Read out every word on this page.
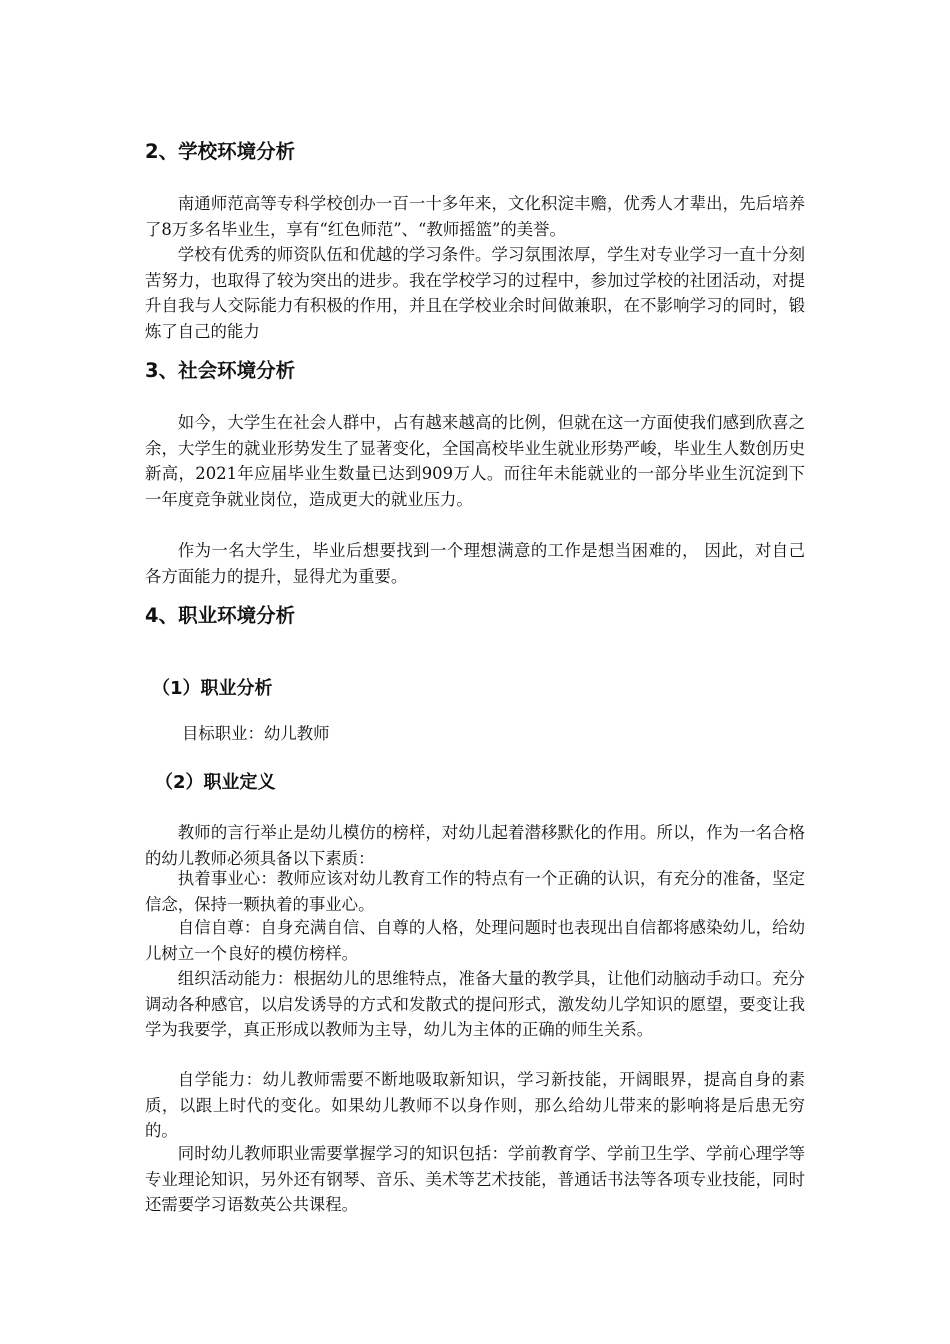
2、学校环境分析

南通师范高等专科学校创办一百一十多年来，文化积淀丰赡，优秀人才辈出，先后培养了8万多名毕业生，享有“红色师范”、“教师摇篮”的美誉。

学校有优秀的师资队伍和优越的学习条件。学习氛围浓厚，学生对专业学习一直十分刻苦努力，也取得了较为突出的进步。我在学校学习的过程中，参加过学校的社团活动，对提升自我与人交际能力有积极的作用，并且在学校业余时间做兼职，在不影响学习的同时，锻炼了自己的能力

3、社会环境分析

如今，大学生在社会人群中，占有越来越高的比例，但就在这一方面使我们感到欣喜之余，大学生的就业形势发生了显著变化，全国高校毕业生就业形势严峻，毕业生人数创历史新高，2021年应届毕业生数量已达到909万人。而往年未能就业的一部分毕业生沉淀到下一年度竞争就业岗位，造成更大的就业压力。

作为一名大学生，毕业后想要找到一个理想满意的工作是想当困难的， 因此，对自己各方面能力的提升，显得尤为重要。

4、职业环境分析
（1）职业分析

目标职业：幼儿教师

（2）职业定义

教师的言行举止是幼儿模仿的榜样，对幼儿起着潜移默化的作用。所以，作为一名合格的幼儿教师必须具备以下素质：

执着事业心：教师应该对幼儿教育工作的特点有一个正确的认识，有充分的准备，坚定信念，保持一颗执着的事业心。

自信自尊：自身充满自信、自尊的人格，处理问题时也表现出自信都将感染幼儿，给幼儿树立一个良好的模仿榜样。

组织活动能力：根据幼儿的思维特点，准备大量的教学具，让他们动脑动手动口。充分调动各种感官，以启发诱导的方式和发散式的提问形式，激发幼儿学知识的愿望，要变让我学为我要学，真正形成以教师为主导，幼儿为主体的正确的师生关系。

自学能力：幼儿教师需要不断地吸取新知识，学习新技能，开阔眼界，提高自身的素质，以跟上时代的变化。如果幼儿教师不以身作则，那么给幼儿带来的影响将是后患无穷的。

同时幼儿教师职业需要掌握学习的知识包括：学前教育学、学前卫生学、学前心理学等专业理论知识，另外还有钢琴、音乐、美术等艺术技能，普通话书法等各项专业技能，同时还需要学习语数英公共课程。
